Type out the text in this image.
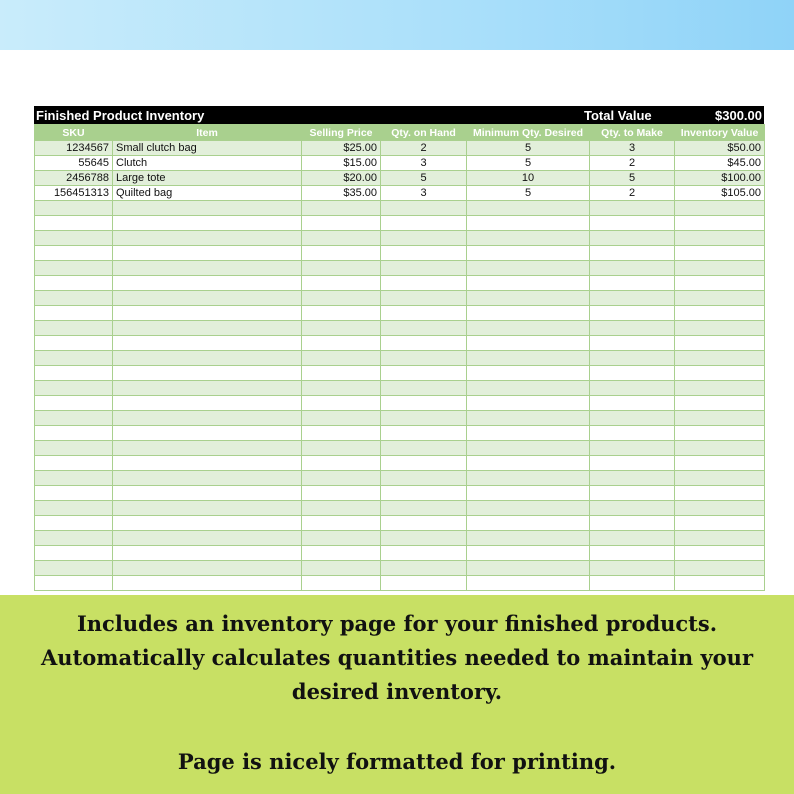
Finished Product Inventory	Total Value	$300.00
SKU	Item	Selling Price	Qty. on Hand	Minimum Qty. Desired	Qty. to Make	Inventory Value
1234567	Small clutch bag	$25.00	2	5	3	$50.00
55645	Clutch	$15.00	3	5	2	$45.00
2456788	Large tote	$20.00	5	10	5	$100.00
156451313	Quilted bag	$35.00	3	5	2	$105.00

Includes an inventory page for your finished products.

Automatically calculates quantities needed to maintain your

desired inventory.

Page is nicely formatted for printing.
